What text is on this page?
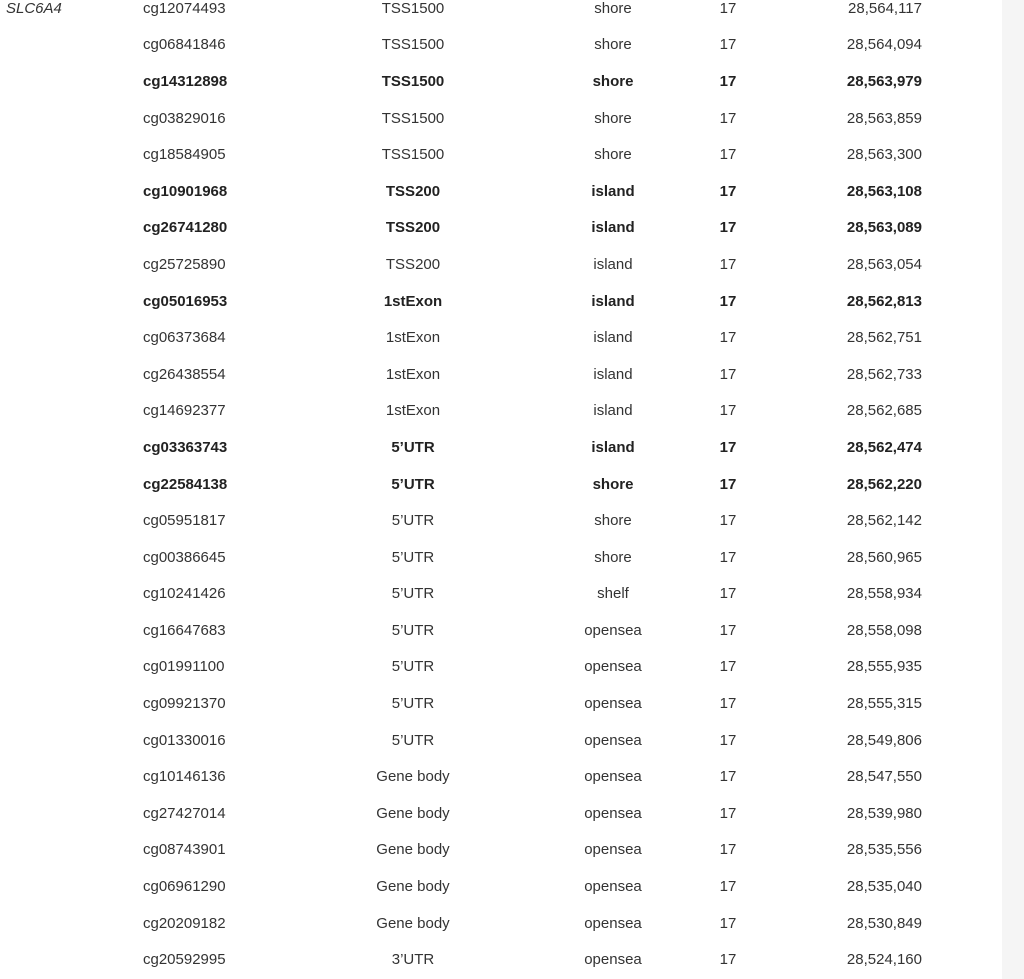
SLC6A4	cg12074493	TSS1500	shore	17	28,564,117
	cg06841846	TSS1500	shore	17	28,564,094
	cg14312898	TSS1500	shore	17	28,563,979
	cg03829016	TSS1500	shore	17	28,563,859
	cg18584905	TSS1500	shore	17	28,563,300
	cg10901968	TSS200	island	17	28,563,108
	cg26741280	TSS200	island	17	28,563,089
	cg25725890	TSS200	island	17	28,563,054
	cg05016953	1stExon	island	17	28,562,813
	cg06373684	1stExon	island	17	28,562,751
	cg26438554	1stExon	island	17	28,562,733
	cg14692377	1stExon	island	17	28,562,685
	cg03363743	5’UTR	island	17	28,562,474
	cg22584138	5’UTR	shore	17	28,562,220
	cg05951817	5’UTR	shore	17	28,562,142
	cg00386645	5’UTR	shore	17	28,560,965
	cg10241426	5’UTR	shelf	17	28,558,934
	cg16647683	5’UTR	opensea	17	28,558,098
	cg01991100	5’UTR	opensea	17	28,555,935
	cg09921370	5’UTR	opensea	17	28,555,315
	cg01330016	5’UTR	opensea	17	28,549,806
	cg10146136	Gene body	opensea	17	28,547,550
	cg27427014	Gene body	opensea	17	28,539,980
	cg08743901	Gene body	opensea	17	28,535,556
	cg06961290	Gene body	opensea	17	28,535,040
	cg20209182	Gene body	opensea	17	28,530,849
	cg20592995	3’UTR	opensea	17	28,524,160
